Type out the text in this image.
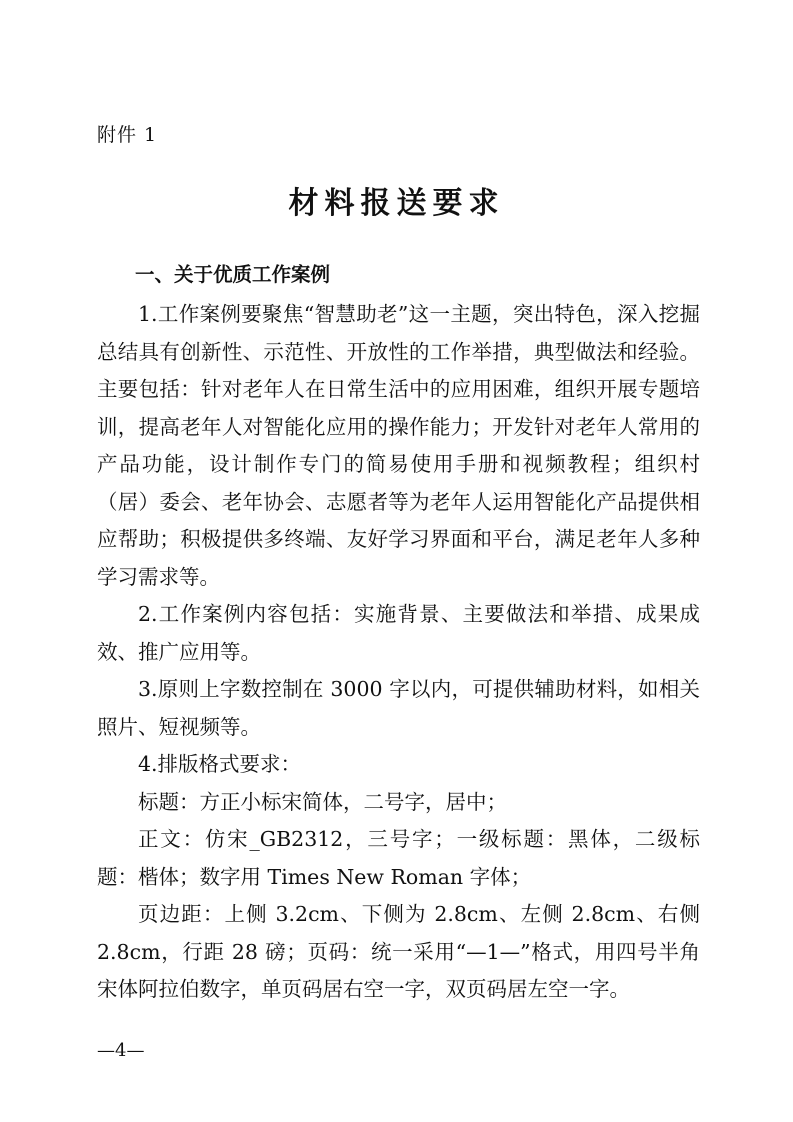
附件 1
材料报送要求
一、关于优质工作案例

1.工作案例要聚焦“智慧助老”这一主题，突出特色，深入挖掘总结具有创新性、示范性、开放性的工作举措，典型做法和经验。主要包括：针对老年人在日常生活中的应用困难，组织开展专题培训，提高老年人对智能化应用的操作能力；开发针对老年人常用的产品功能，设计制作专门的简易使用手册和视频教程；组织村（居）委会、老年协会、志愿者等为老年人运用智能化产品提供相应帮助；积极提供多终端、友好学习界面和平台，满足老年人多种学习需求等。

2.工作案例内容包括：实施背景、主要做法和举措、成果成效、推广应用等。

3.原则上字数控制在 3000 字以内，可提供辅助材料，如相关照片、短视频等。

4.排版格式要求：

标题：方正小标宋简体，二号字，居中；

正文：仿宋_GB2312，三号字；一级标题：黑体，二级标题：楷体；数字用 Times New Roman 字体；

页边距：上侧 3.2cm、下侧为 2.8cm、左侧 2.8cm、右侧 2.8cm，行距 28 磅；页码：统一采用“—1—”格式，用四号半角宋体阿拉伯数字，单页码居右空一字，双页码居左空一字。

—4—
